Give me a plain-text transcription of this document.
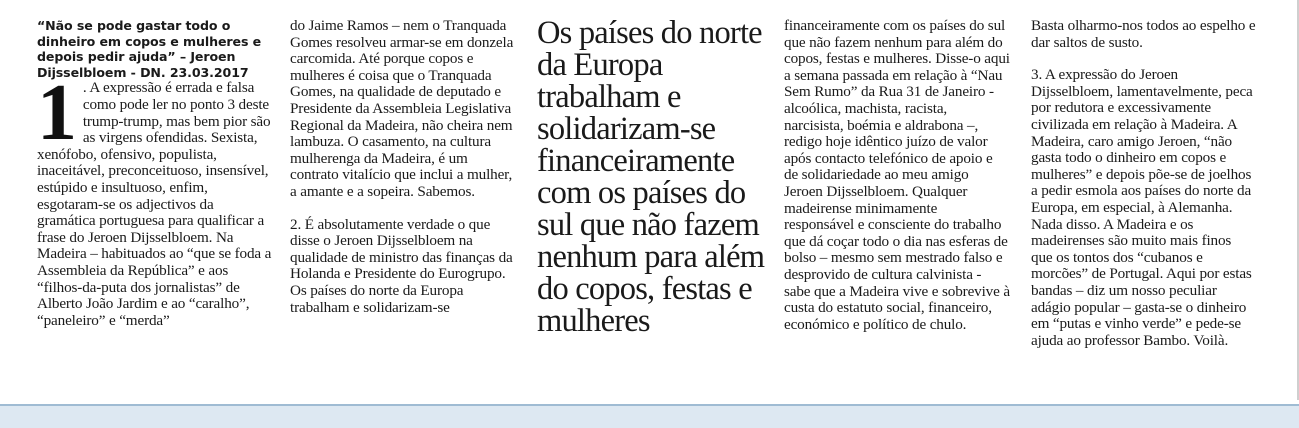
“Não se pode gastar todo o dinheiro em copos e mulheres e depois pedir ajuda” – Jeroen Dijsselbloem - DN. 23.03.2017

1 . A expressão é errada e falsa como pode ler no ponto 3 deste trump-trump, mas bem pior são as virgens ofendidas. Sexista, xenófobo, ofensivo, populista, inaceitável, preconceituoso, insensível, estúpido e insultuoso, enfim, esgotaram-se os adjectivos da gramática portuguesa para qualificar a frase do Jeroen Dijsselbloem. Na Madeira – habituados ao “que se foda a Assembleia da República” e aos “filhos-da-puta dos jornalistas” de Alberto João Jardim e ao “caralho”, “paneleiro” e “merda”

do Jaime Ramos – nem o Tranquada Gomes resolveu armar-se em donzela carcomida. Até porque copos e mulheres é coisa que o Tranquada Gomes, na qualidade de deputado e Presidente da Assembleia Legislativa Regional da Madeira, não cheira nem lambuza. O casamento, na cultura mulherenga da Madeira, é um contrato vitalício que inclui a mulher, a amante e a sopeira. Sabemos.

2. É absolutamente verdade o que disse o Jeroen Dijsselbloem na qualidade de ministro das finanças da Holanda e Presidente do Eurogrupo. Os países do norte da Europa trabalham e solidarizam-se

Os países do norte da Europa trabalham e solidarizam-se financeiramente com os países do sul que não fazem nenhum para além do copos, festas e mulheres

financeiramente com os países do sul que não fazem nenhum para além do copos, festas e mulheres. Disse-o aqui a semana passada em relação à “Nau Sem Rumo” da Rua 31 de Janeiro - alcoólica, machista, racista, narcisista, boémia e aldrabona –, redigo hoje idêntico juízo de valor após contacto telefónico de apoio e de solidariedade ao meu amigo Jeroen Dijsselbloem. Qualquer madeirense minimamente responsável e consciente do trabalho que dá coçar todo o dia nas esferas de bolso – mesmo sem mestrado falso e desprovido de cultura calvinista - sabe que a Madeira vive e sobrevive à custa do estatuto social, financeiro, económico e político de chulo.

Basta olharmo-nos todos ao espelho e dar saltos de susto.

3. A expressão do Jeroen Dijsselbloem, lamentavelmente, peca por redutora e excessivamente civilizada em relação à Madeira. A Madeira, caro amigo Jeroen, “não gasta todo o dinheiro em copos e mulheres” e depois põe-se de joelhos a pedir esmola aos países do norte da Europa, em especial, à Alemanha. Nada disso. A Madeira e os madeirenses são muito mais finos que os tontos dos “cubanos e morcões” de Portugal. Aqui por estas bandas – diz um nosso peculiar adágio popular – gasta-se o dinheiro em “putas e vinho verde” e pede-se ajuda ao professor Bambo. Voilà.
